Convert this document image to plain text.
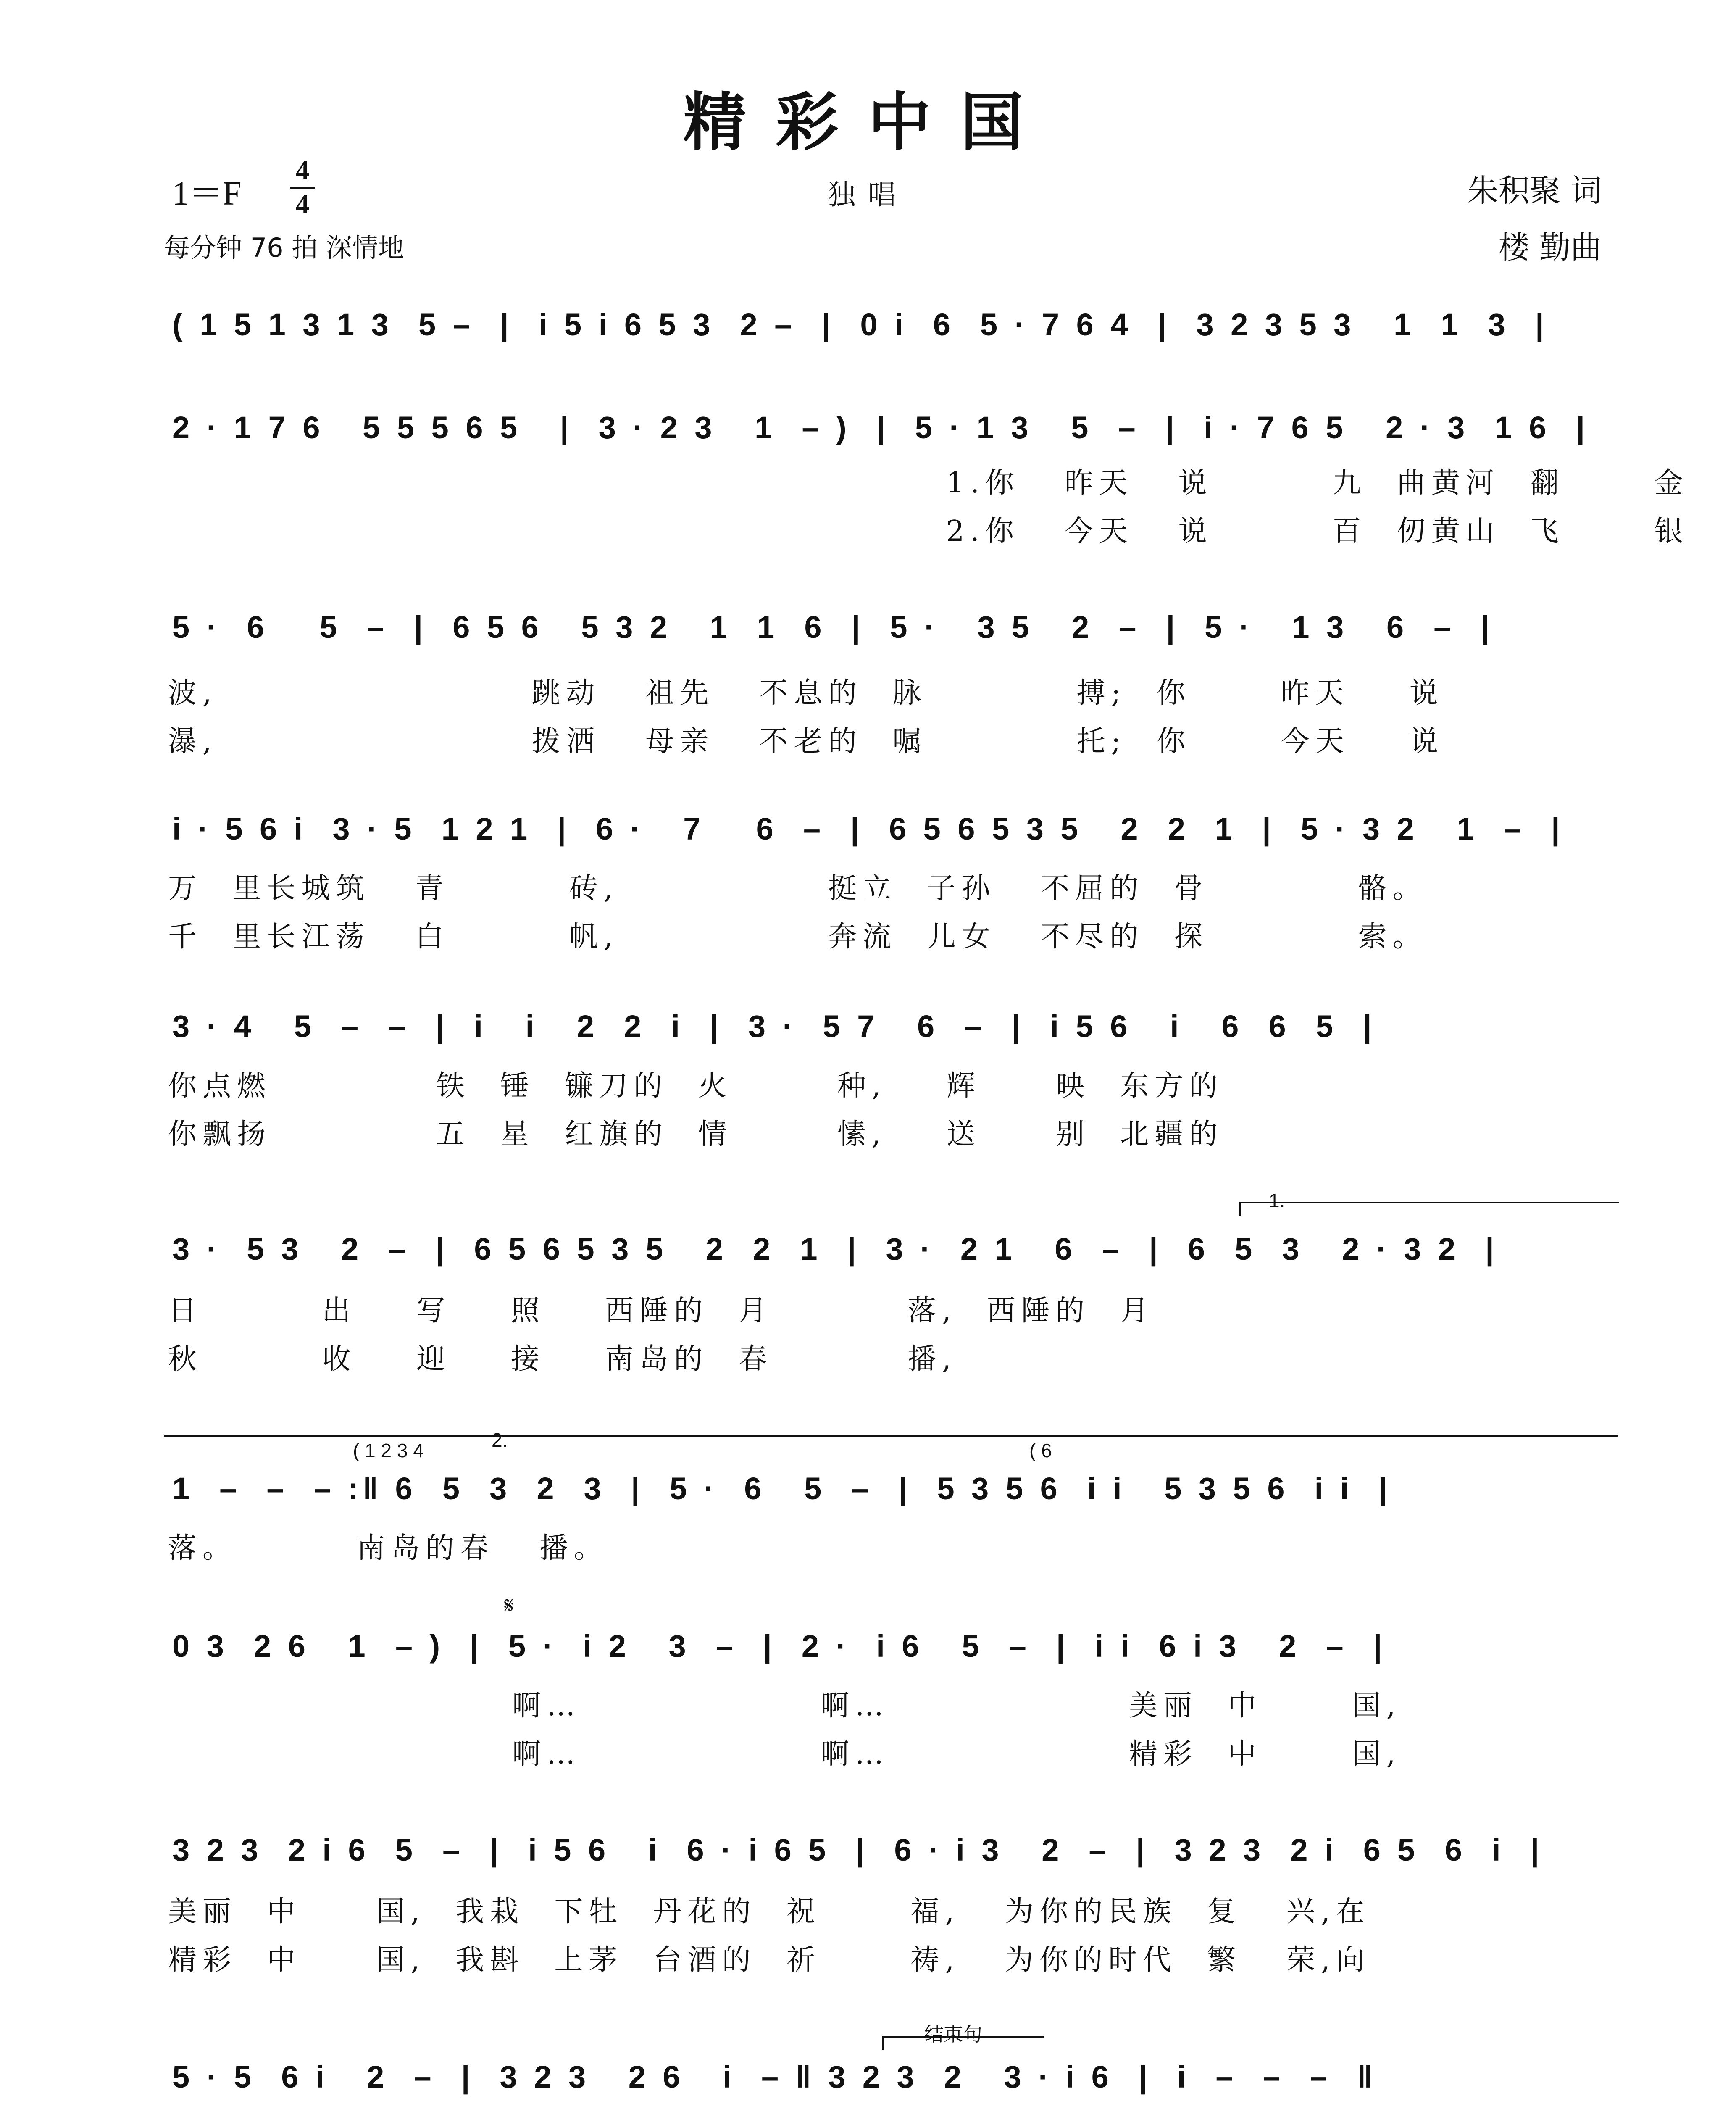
精彩中国
1＝F
4
4	独唱
每分钟 76 拍 深情地
朱积聚 词
楼 勤曲
( 1 5 1 3 1 3  5 –  |  i 5 i 6 5 3  2 –  |  0 i  6  5 · 7 6 4  |  3 2 3 5 3   1  1  3  |
2 · 1 7 6   5 5 5 6 5   |  3 · 2 3   1  – )  |  5 · 1 3   5  –  |  i · 7 6 5   2 · 3  1 6  |
1.你   昨天   说        九  曲黄河  翻      金
2.你   今天   说        百  仞黄山  飞      银
5 ·  6    5  –  |  6 5 6   5 3 2   1  1  6  |  5 ·   3 5   2  –  |  5 ·   1 3   6  –  |
波,                     跳动   祖先   不息的  脉          搏;  你      昨天    说
瀑,                     拨洒   母亲   不老的  嘱          托;  你      今天    说
i · 5 6 i  3 · 5  1 2 1  |  6 ·   7    6  –  |  6 5 6 5 3 5   2  2  1  |  5 · 3 2   1  –  |
万  里长城筑   青        砖,              挺立  子孙   不屈的  骨          骼。
千  里长江荡   白        帆,              奔流  儿女   不尽的  探          索。
3 · 4   5  –  –  |  i   i   2  2  i  |  3 ·  5 7   6  –  |  i 5 6   i   6  6  5  |
你点燃           铁  锤  镰刀的  火       种,    辉     映  东方的
你飘扬           五  星  红旗的  情       愫,    送     别  北疆的
1.
3 ·  5 3   2  –  |  6 5 6 5 3 5   2  2  1  |  3 ·  2 1   6  –  |  6  5  3   2 · 3 2  |
日        出    写    照    西陲的  月         落,  西陲的  月
秋        收    迎    接    南岛的  春         播,
( 1 2 3 4	2.	( 6
1  –  –  – :‖ 6  5  3  2  3  |  5 ·  6   5  –  |  5 3 5 6  i i   5 3 5 6  i i  |
落。        南岛的春   播。
𝄋
0 3  2 6   1  – )  |  5 ·  i 2   3  –  |  2 ·  i 6   5  –  |  i i  6 i 3   2  –  |
啊…                啊…                美丽  中      国,
啊…                啊…                精彩  中      国,
3 2 3  2 i 6  5  –  |  i 5 6   i  6 · i 6 5  |  6 · i 3   2  –  |  3 2 3  2 i  6 5  6  i  |
美丽  中     国,  我栽  下牡  丹花的  祝      福,   为你的民族  复   兴,在
精彩  中     国,  我斟  上茅  台酒的  祈      祷,   为你的时代  繁   荣,向
结束句
5 · 5  6 i   2  –  |  3 2 3   2 6   i  – ‖ 3 2 3  2   3 · i 6  |  i  –  –  –  ‖
